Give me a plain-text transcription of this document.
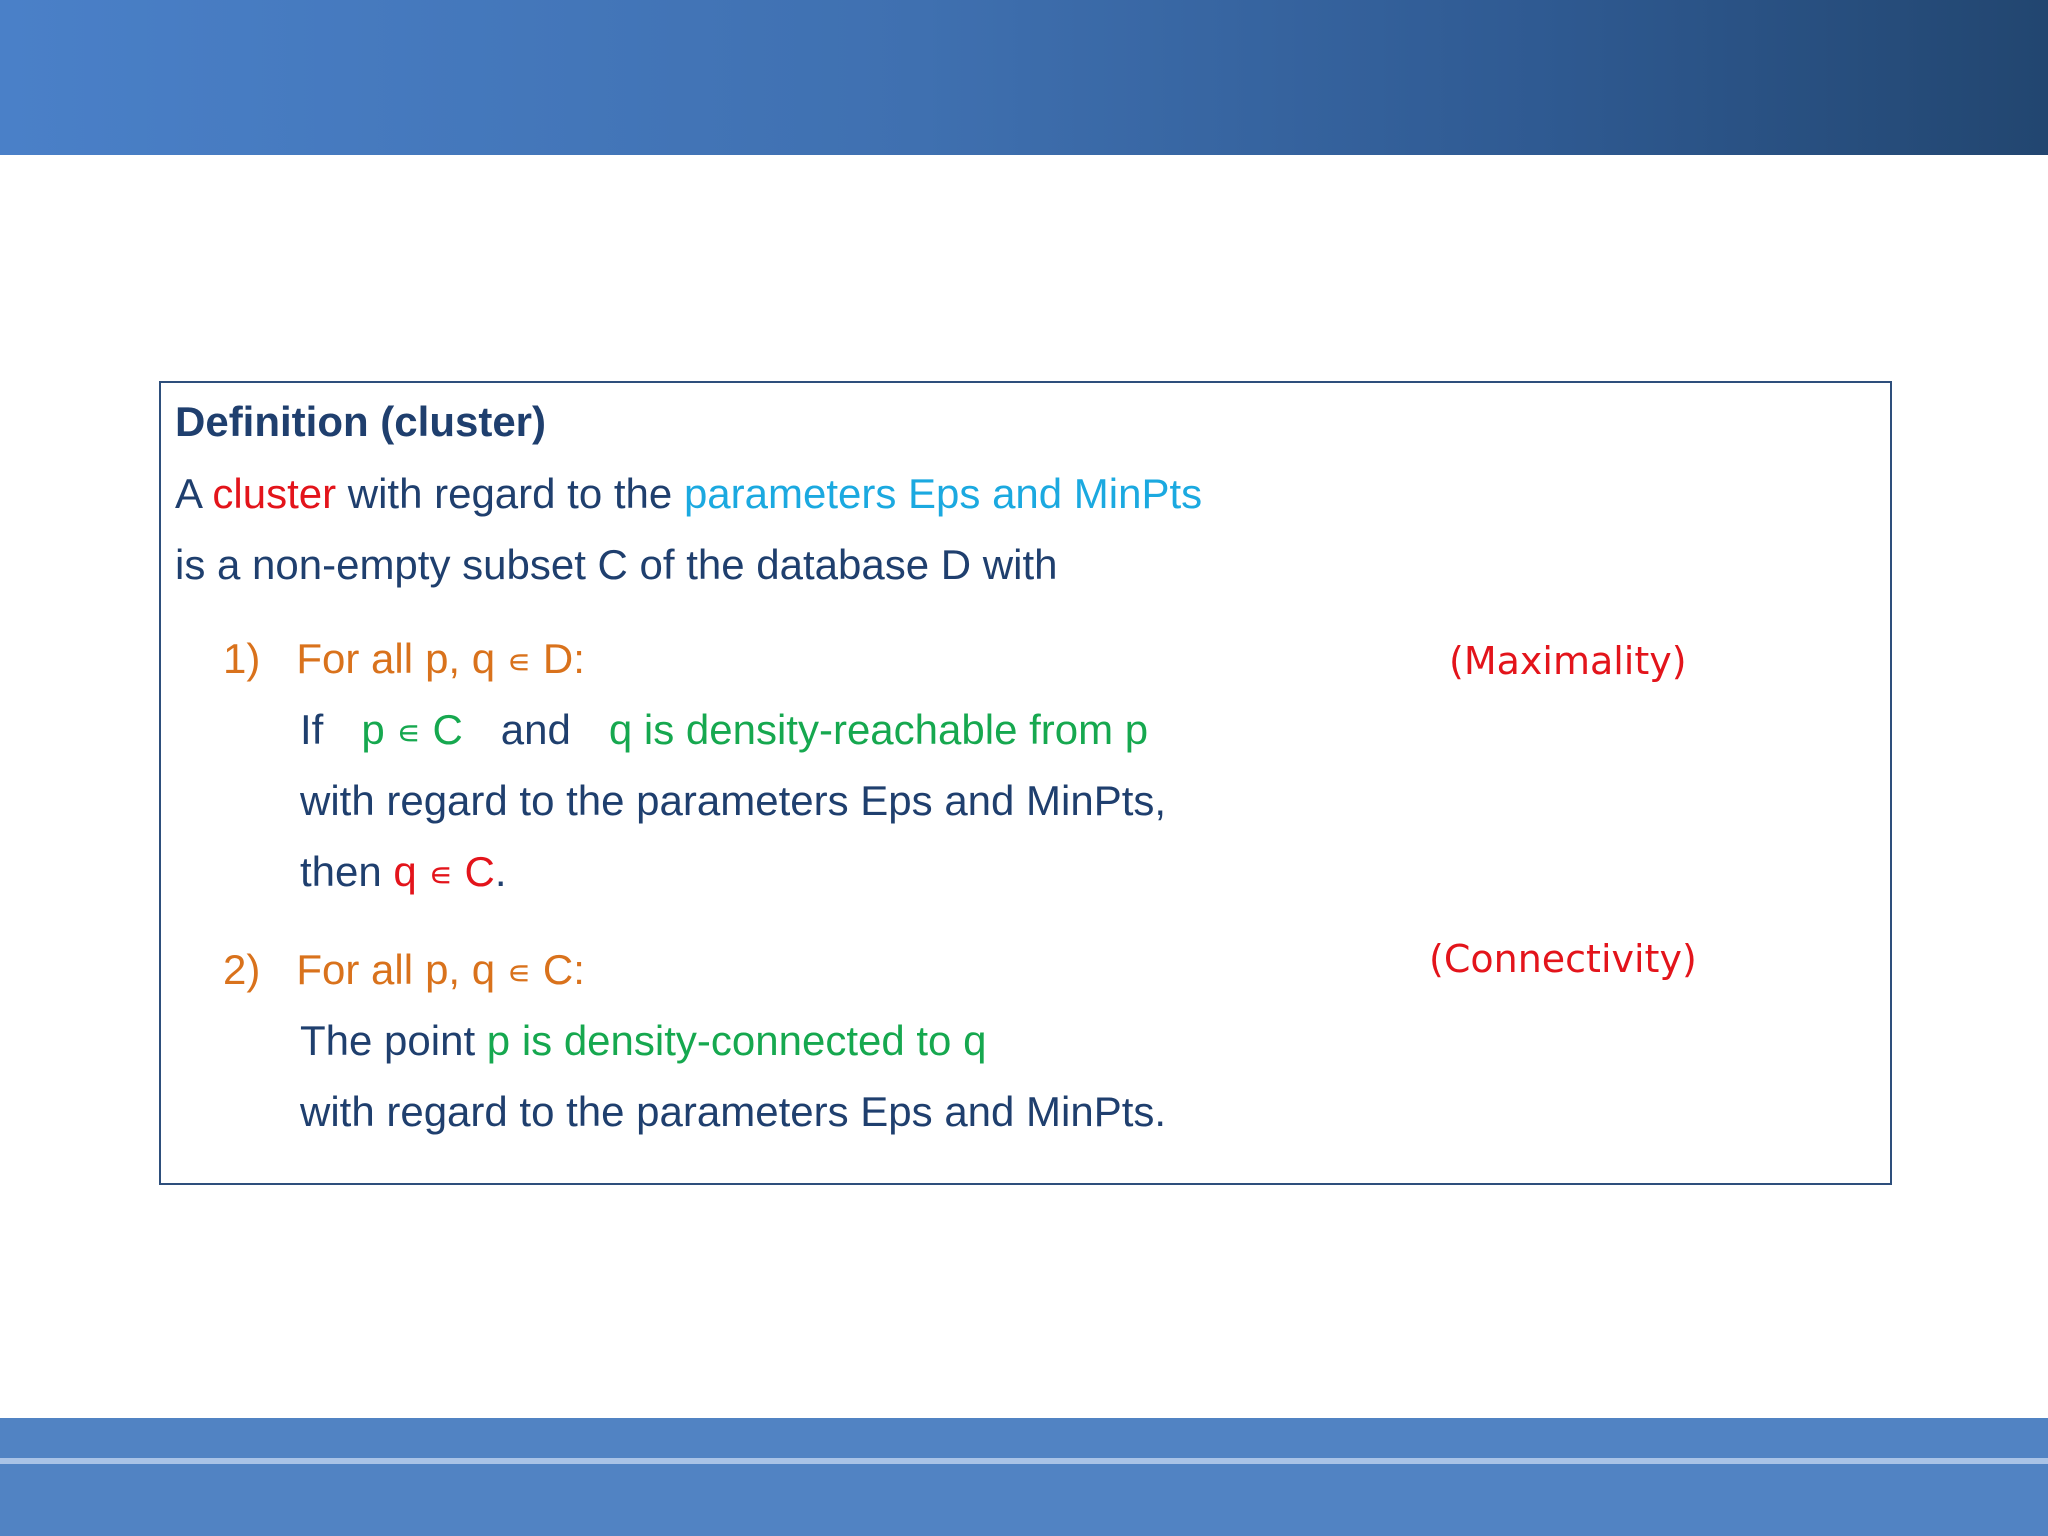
Definition (cluster)
A cluster with regard to the parameters Eps and MinPts
is a non-empty subset C of the database D with
1) For all p, q ∊ D:	(Maximality)
If p ∊ C and q is density-reachable from p
with regard to the parameters Eps and MinPts,
then q ∊ C.
2) For all p, q ∊ C:	(Connectivity)
The point p is density-connected to q
with regard to the parameters Eps and MinPts.
